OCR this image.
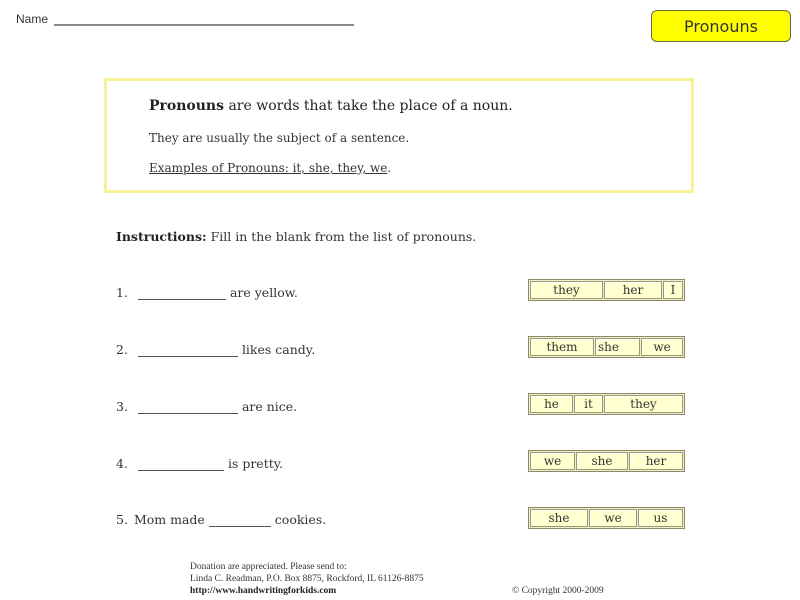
Name	Pronouns
Pronouns are words that take the place of a noun.
They are usually the subject of a sentence.
Examples of Pronouns: it, she, they, we.
Instructions: Fill in the blank from the list of pronouns.
1.	are yellow.	they	her	I
2.	likes candy.	them	she	we
3.	are nice.	he	it	they
4.	is pretty.	we	she	her
5. Mom made	cookies.	she	we	us
Donation are appreciated. Please send to:
Linda C. Readman, P.O. Box 8875, Rockford, IL 61126-8875
http://www.handwritingforkids.com	© Copyright 2000-2009
